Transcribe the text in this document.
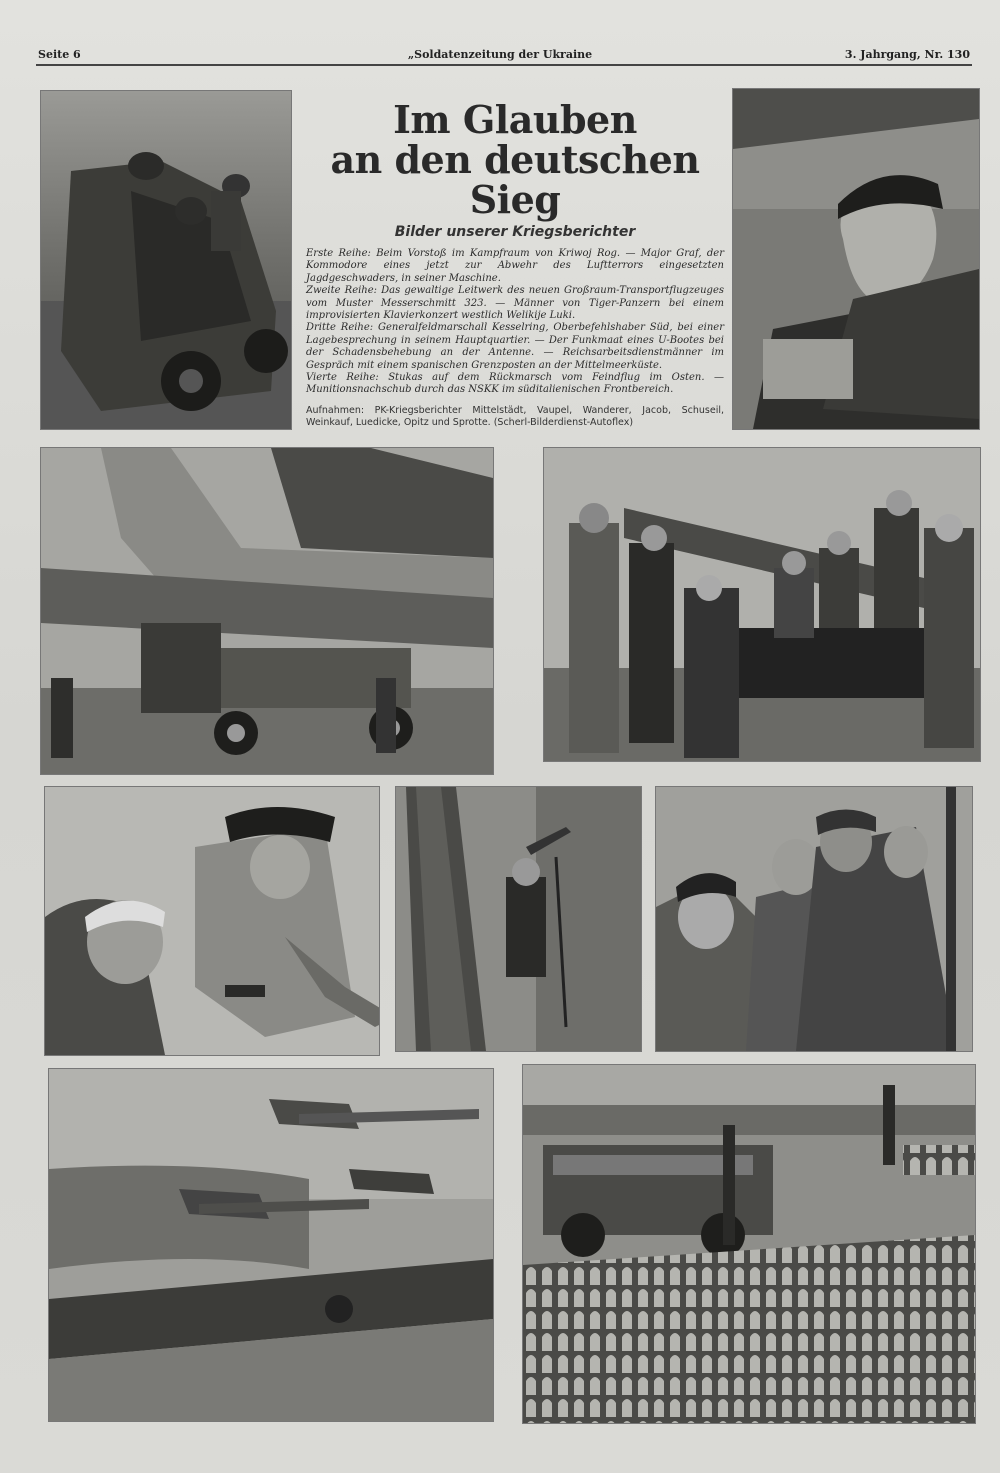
Seite 6	„Soldatenzeitung der Ukraine	3. Jahrgang, Nr. 130
Im Glauben
an den deutschen Sieg
Bilder unserer Kriegsberichter

Erste Reihe: Beim Vorstoß im Kampfraum von Kriwoj Rog. — Major Graf, der Kommodore eines jetzt zur Abwehr des Luftterrors eingesetzten Jagdgeschwaders, in seiner Maschine.

Zweite Reihe: Das gewaltige Leitwerk des neuen Großraum-Transportflugzeuges vom Muster Messerschmitt 323. — Männer von Tiger-Panzern bei einem improvisierten Klavierkonzert westlich Welikije Luki.

Dritte Reihe: Generalfeldmarschall Kesselring, Oberbefehlshaber Süd, bei einer Lagebesprechung in seinem Hauptquartier. — Der Funkmaat eines U-Bootes bei der Schadensbehebung an der Antenne. — Reichsarbeitsdienstmänner im Gespräch mit einem spanischen Grenzposten an der Mittelmeerküste.

Vierte Reihe: Stukas auf dem Rückmarsch vom Feindflug im Osten. — Munitionsnachschub durch das NSKK im süditalienischen Frontbereich.

Aufnahmen: PK-Kriegsberichter Mittelstädt, Vaupel, Wanderer, Jacob, Schuseil, Weinkauf, Luedicke, Opitz und Sprotte. (Scherl-Bilderdienst-Autoflex)
